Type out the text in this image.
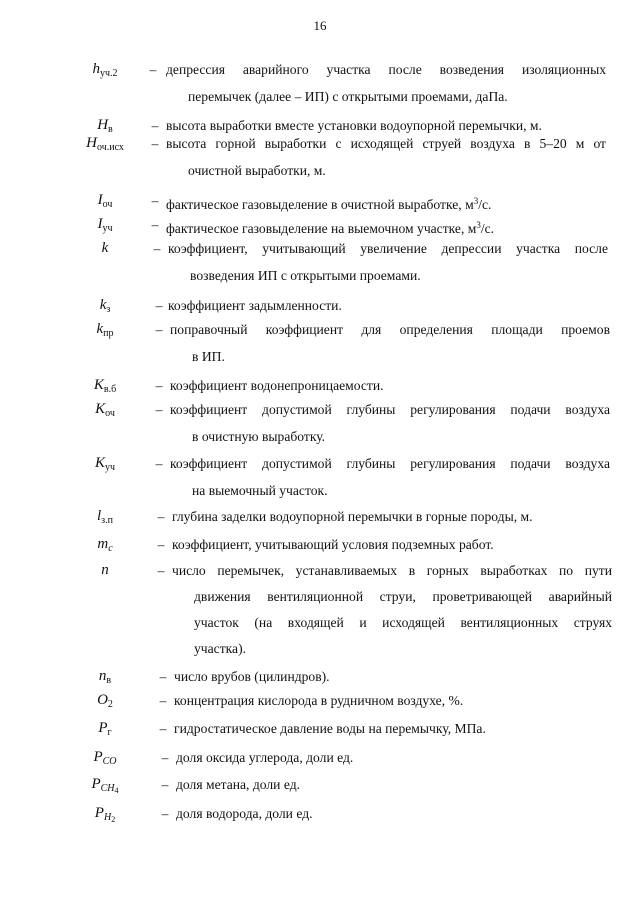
16
$h_{уч.2}$	– депрессия аварийного участка после возведения изоляционных
перемычек (далее – ИП) с открытыми проемами, даПа.
$H_в$	– высота выработки вместе установки водоупорной перемычки, м.
$H_{оч.исх}$	– высота горной выработки с исходящей струей воздуха в 5–20 м от
очистной выработки, м.
$I_{оч}$	– фактическое газовыделение в очистной выработке, $м^3/с$.
$I_{уч}$	– фактическое газовыделение на выемочном участке, $м^3/с$.
k	– коэффициент, учитывающий увеличение депрессии участка после
возведения ИП с открытыми проемами.
$k_з$	– коэффициент задымленности.
$k_{пр}$	– поправочный коэффициент для определения площади проемов
в ИП.
$K_{в.б}$	– коэффициент водонепроницаемости.
$K_{оч}$	– коэффициент допустимой глубины регулирования подачи воздуха
в очистную выработку.
$K_{уч}$	– коэффициент допустимой глубины регулирования подачи воздуха
на выемочный участок.
$l_{з.п}$	– глубина заделки водоупорной перемычки в горные породы, м.
$m_c$	– коэффициент, учитывающий условия подземных работ.
n	– число перемычек, устанавливаемых в горных выработках по пути
движения вентиляционной струи, проветривающей аварийный
участок (на входящей и исходящей вентиляционных струях
участка).
$n_в$	– число врубов (цилиндров).
$O_2$	– концентрация кислорода в рудничном воздухе, %.
$P_г$	– гидростатическое давление воды на перемычку, МПа.
$P_{CO}$	– доля оксида углерода, доли ед.
$P_{CH_4}$	– доля метана, доли ед.
$P_{H_2}$	– доля водорода, доли ед.
